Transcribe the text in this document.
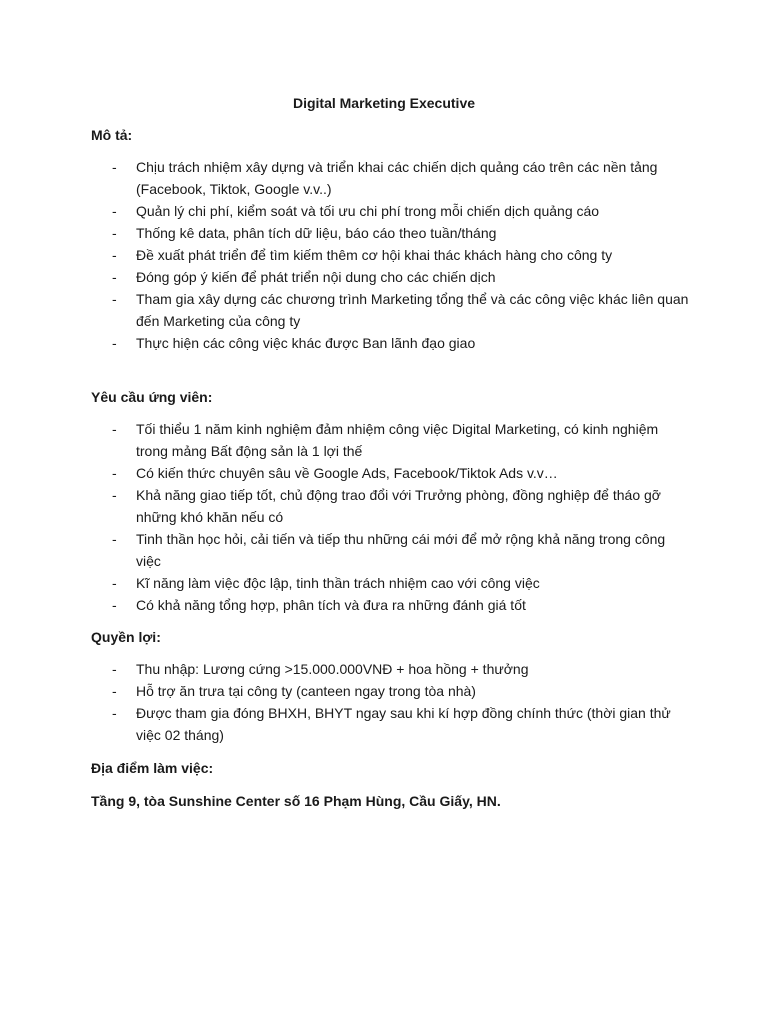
Digital Marketing Executive
Mô tả:
- Chịu trách nhiệm xây dựng và triển khai các chiến dịch quảng cáo trên các nền tảng (Facebook, Tiktok, Google v.v..)
- Quản lý chi phí, kiểm soát và tối ưu chi phí trong mỗi chiến dịch quảng cáo
- Thống kê data, phân tích dữ liệu, báo cáo theo tuần/tháng
- Đề xuất phát triển để tìm kiếm thêm cơ hội khai thác khách hàng cho công ty
- Đóng góp ý kiến để phát triển nội dung cho các chiến dịch
- Tham gia xây dựng các chương trình Marketing tổng thể và các công việc khác liên quan đến Marketing của công ty
- Thực hiện các công việc khác được Ban lãnh đạo giao
Yêu cầu ứng viên:
- Tối thiểu 1 năm kinh nghiệm đảm nhiệm công việc Digital Marketing, có kinh nghiệm trong mảng Bất động sản là 1 lợi thế
- Có kiến thức chuyên sâu về Google Ads, Facebook/Tiktok Ads v.v…
- Khả năng giao tiếp tốt, chủ động trao đổi với Trưởng phòng, đồng nghiệp để tháo gỡ những khó khăn nếu có
- Tinh thần học hỏi, cải tiến và tiếp thu những cái mới để mở rộng khả năng trong công việc
- Kĩ năng làm việc độc lập, tinh thần trách nhiệm cao với công việc
- Có khả năng tổng hợp, phân tích và đưa ra những đánh giá tốt
Quyền lợi:
- Thu nhập: Lương cứng >15.000.000VNĐ + hoa hồng + thưởng
- Hỗ trợ ăn trưa tại công ty (canteen ngay trong tòa nhà)
- Được tham gia đóng BHXH, BHYT ngay sau khi kí hợp đồng chính thức (thời gian thử việc 02 tháng)
Địa điểm làm việc:
Tầng 9, tòa Sunshine Center số 16 Phạm Hùng, Cầu Giấy, HN.
